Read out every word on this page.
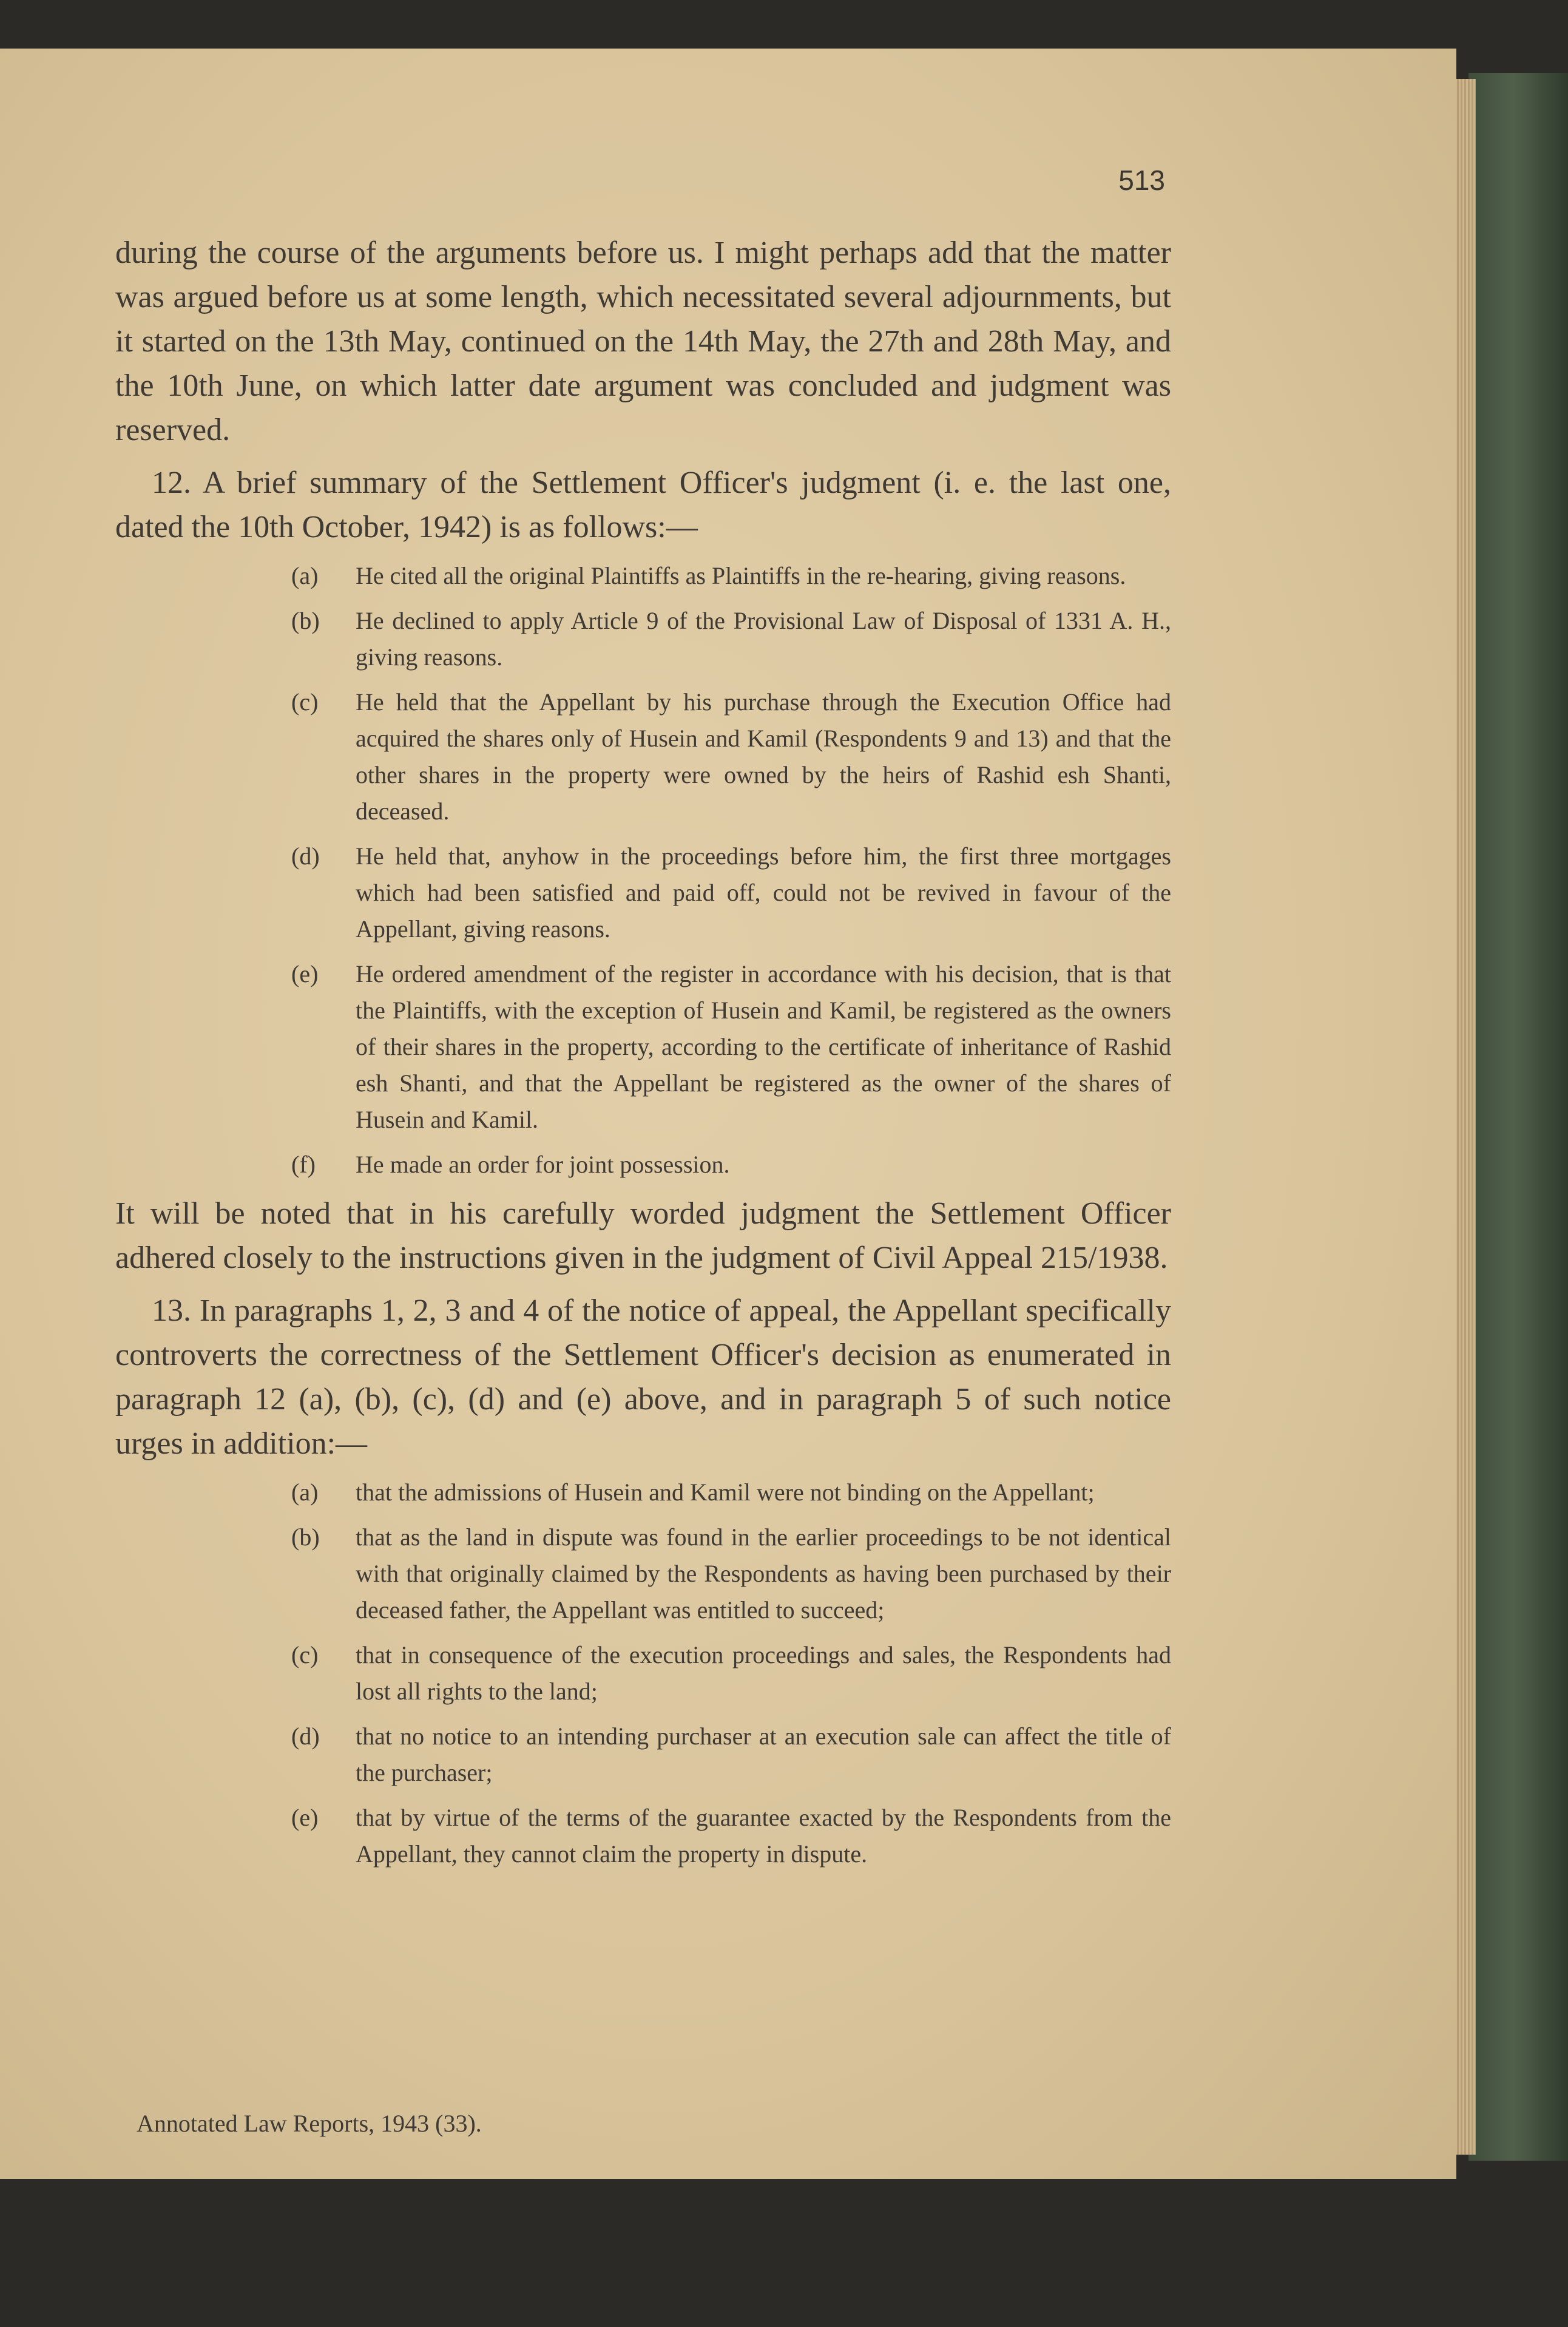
513

during the course of the arguments before us. I might perhaps add that the matter was argued before us at some length, which necessitated several adjournments, but it started on the 13th May, continued on the 14th May, the 27th and 28th May, and the 10th June, on which latter date argument was concluded and judgment was reserved.

12. A brief summary of the Settlement Officer's judgment (i. e. the last one, dated the 10th October, 1942) is as follows:—

(a)	He cited all the original Plaintiffs as Plaintiffs in the re-hearing, giving reasons.
(b)	He declined to apply Article 9 of the Provisional Law of Disposal of 1331 A. H., giving reasons.
(c)	He held that the Appellant by his purchase through the Execution Office had acquired the shares only of Husein and Kamil (Respondents 9 and 13) and that the other shares in the property were owned by the heirs of Rashid esh Shanti, deceased.
(d)	He held that, anyhow in the proceedings before him, the first three mortgages which had been satisfied and paid off, could not be revived in favour of the Appellant, giving reasons.
(e)	He ordered amendment of the register in accordance with his decision, that is that the Plaintiffs, with the exception of Husein and Kamil, be registered as the owners of their shares in the property, according to the certificate of inheritance of Rashid esh Shanti, and that the Appellant be registered as the owner of the shares of Husein and Kamil.
(f)	He made an order for joint possession.

It will be noted that in his carefully worded judgment the Settlement Officer adhered closely to the instructions given in the judgment of Civil Appeal 215/1938.

13. In paragraphs 1, 2, 3 and 4 of the notice of appeal, the Appellant specifically controverts the correctness of the Settlement Officer's decision as enumerated in paragraph 12 (a), (b), (c), (d) and (e) above, and in paragraph 5 of such notice urges in addition:—

(a)	that the admissions of Husein and Kamil were not binding on the Appellant;
(b)	that as the land in dispute was found in the earlier proceedings to be not identical with that originally claimed by the Respondents as having been purchased by their deceased father, the Appellant was entitled to succeed;
(c)	that in consequence of the execution proceedings and sales, the Respondents had lost all rights to the land;
(d)	that no notice to an intending purchaser at an execution sale can affect the title of the purchaser;
(e)	that by virtue of the terms of the guarantee exacted by the Respondents from the Appellant, they cannot claim the property in dispute.
Annotated Law Reports, 1943 (33).
